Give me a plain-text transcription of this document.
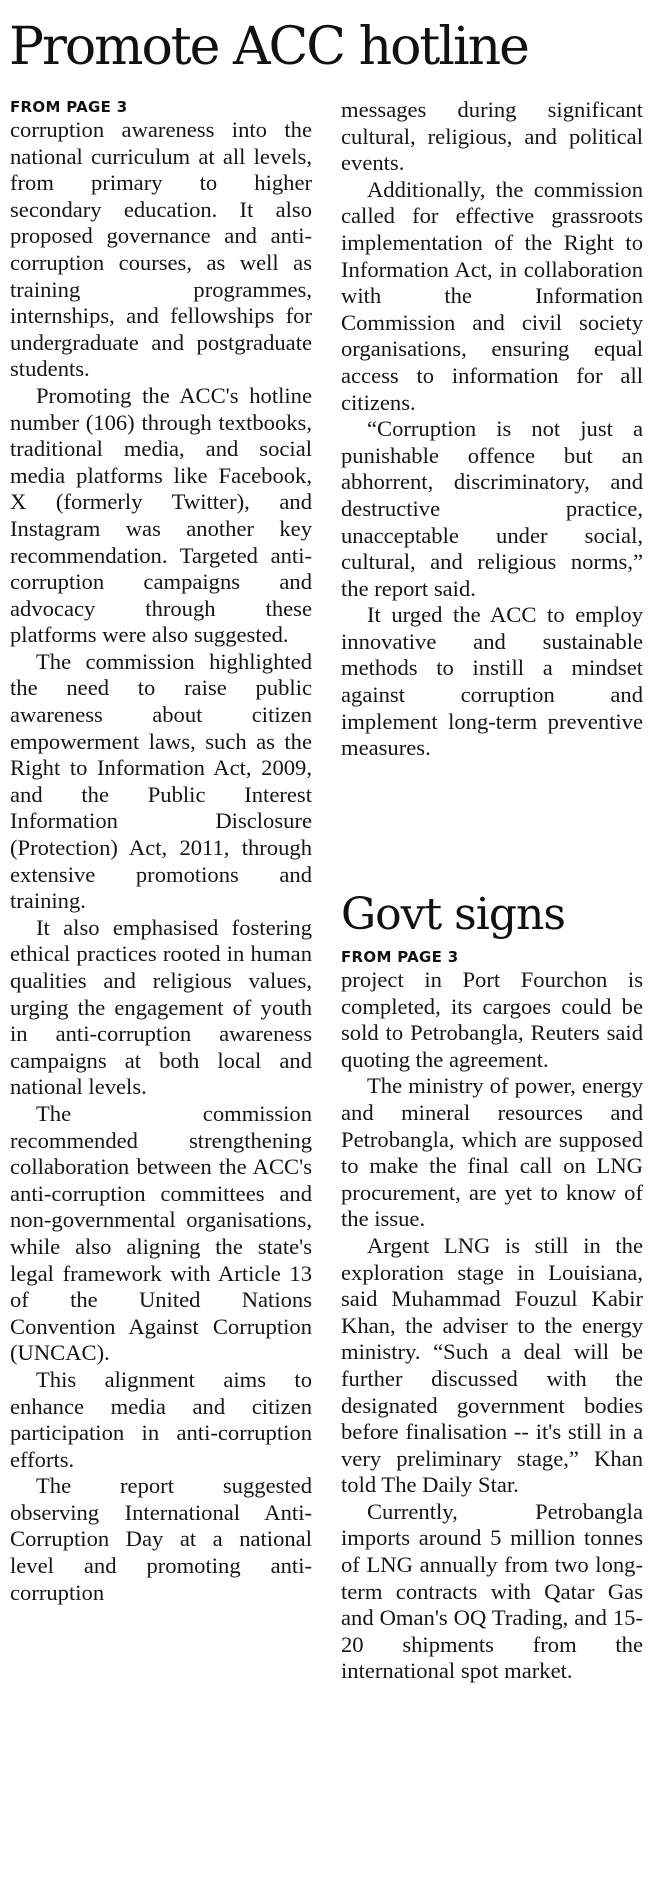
Promote ACC hotline
FROM PAGE 3

corruption awareness into the national curriculum at all levels, from primary to higher secondary education. It also proposed governance and anti-corruption courses, as well as training programmes, internships, and fellowships for undergraduate and postgraduate students.

Promoting the ACC's hotline number (106) through textbooks, traditional media, and social media platforms like Facebook, X (formerly Twitter), and Instagram was another key recommendation. Targeted anti-corruption campaigns and advocacy through these platforms were also suggested.

The commission highlighted the need to raise public awareness about citizen empowerment laws, such as the Right to Information Act, 2009, and the Public Interest Information Disclosure (Protection) Act, 2011, through extensive promotions and training.

It also emphasised fostering ethical practices rooted in human qualities and religious values, urging the engagement of youth in anti-corruption awareness campaigns at both local and national levels.

The commission recommended strengthening collaboration between the ACC's anti-corruption committees and non-governmental organisations, while also aligning the state's legal framework with Article 13 of the United Nations Convention Against Corruption (UNCAC).

This alignment aims to enhance media and citizen participation in anti-corruption efforts.

The report suggested observing International Anti-Corruption Day at a national level and promoting anti-corruption

messages during significant cultural, religious, and political events.

Additionally, the commission called for effective grassroots implementation of the Right to Information Act, in collaboration with the Information Commission and civil society organisations, ensuring equal access to information for all citizens.

“Corruption is not just a punishable offence but an abhorrent, discriminatory, and destructive practice, unacceptable under social, cultural, and religious norms,” the report said.

It urged the ACC to employ innovative and sustainable methods to instill a mindset against corruption and implement long-term preventive measures.

Govt signs
FROM PAGE 3

project in Port Fourchon is completed, its cargoes could be sold to Petrobangla, Reuters said quoting the agreement.

The ministry of power, energy and mineral resources and Petrobangla, which are supposed to make the final call on LNG procurement, are yet to know of the issue.

Argent LNG is still in the exploration stage in Louisiana, said Muhammad Fouzul Kabir Khan, the adviser to the energy ministry. “Such a deal will be further discussed with the designated government bodies before finalisation -- it's still in a very preliminary stage,” Khan told The Daily Star.

Currently, Petrobangla imports around 5 million tonnes of LNG annually from two long-term contracts with Qatar Gas and Oman's OQ Trading, and 15-20 shipments from the international spot market.
